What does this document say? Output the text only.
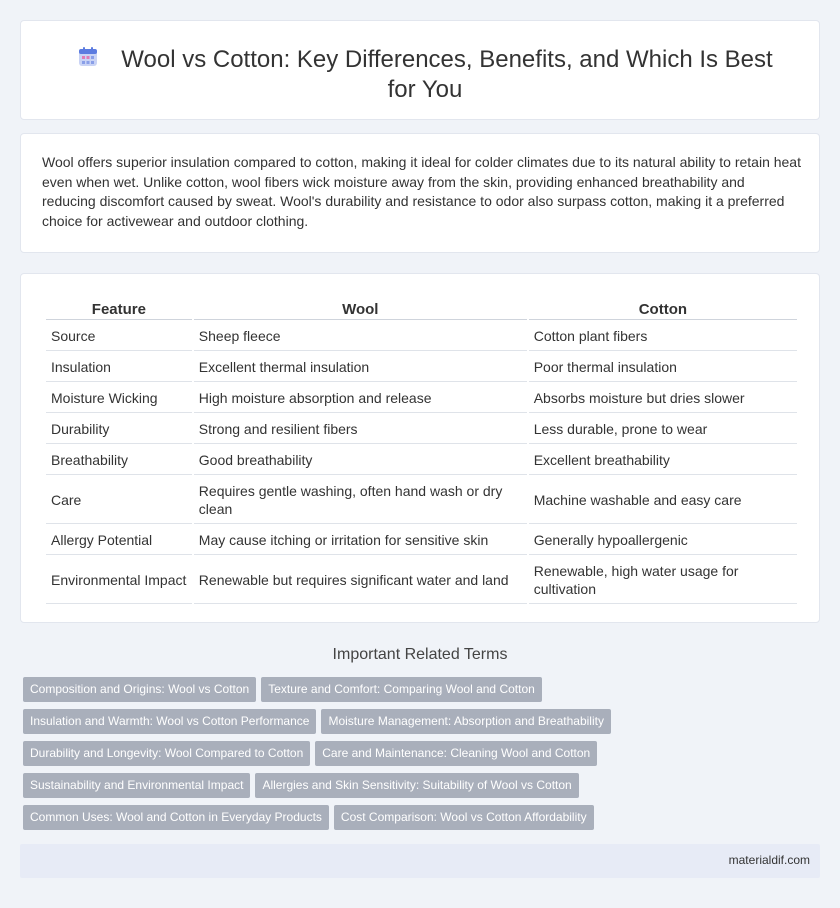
Wool vs Cotton: Key Differences, Benefits, and Which Is Best for You

Wool offers superior insulation compared to cotton, making it ideal for colder climates due to its natural ability to retain heat even when wet. Unlike cotton, wool fibers wick moisture away from the skin, providing enhanced breathability and reducing discomfort caused by sweat. Wool's durability and resistance to odor also surpass cotton, making it a preferred choice for activewear and outdoor clothing.

Feature	Wool	Cotton
Source	Sheep fleece	Cotton plant fibers
Insulation	Excellent thermal insulation	Poor thermal insulation
Moisture Wicking	High moisture absorption and release	Absorbs moisture but dries slower
Durability	Strong and resilient fibers	Less durable, prone to wear
Breathability	Good breathability	Excellent breathability
Care	Requires gentle washing, often hand wash or dry clean	Machine washable and easy care
Allergy Potential	May cause itching or irritation for sensitive skin	Generally hypoallergenic
Environmental Impact	Renewable but requires significant water and land	Renewable, high water usage for cultivation
Important Related Terms
Composition and Origins: Wool vs Cotton Texture and Comfort: Comparing Wool and Cotton
Insulation and Warmth: Wool vs Cotton Performance Moisture Management: Absorption and Breathability
Durability and Longevity: Wool Compared to Cotton Care and Maintenance: Cleaning Wool and Cotton
Sustainability and Environmental Impact Allergies and Skin Sensitivity: Suitability of Wool vs Cotton
Common Uses: Wool and Cotton in Everyday Products Cost Comparison: Wool vs Cotton Affordability
materialdif.com
